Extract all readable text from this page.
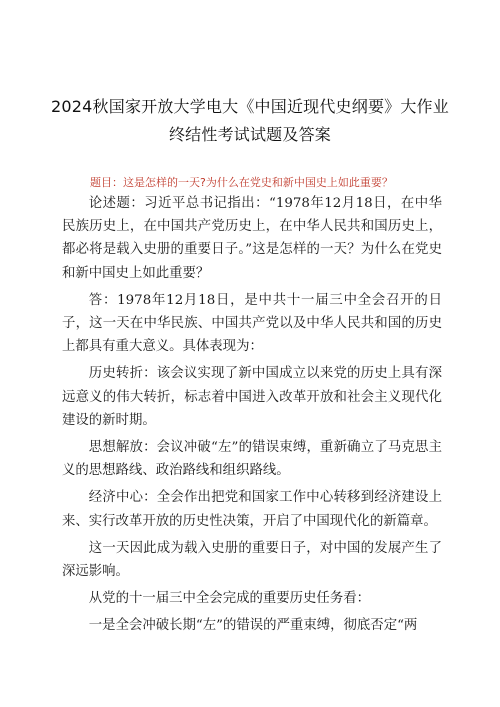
2024秋国家开放大学电大《中国近现代史纲要》大作业
终结性考试试题及答案
题目：这是怎样的一天?为什么在党史和新中国史上如此重要？

论述题：习近平总书记指出：“1978年12月18日，在中华民族历史上，在中国共产党历史上，在中华人民共和国历史上，都必将是载入史册的重要日子。”这是怎样的一天？为什么在党史和新中国史上如此重要？

答：1978年12月18日，是中共十一届三中全会召开的日子，这一天在中华民族、中国共产党以及中华人民共和国的历史上都具有重大意义。具体表现为：

历史转折：该会议实现了新中国成立以来党的历史上具有深远意义的伟大转折，标志着中国进入改革开放和社会主义现代化建设的新时期。

思想解放：会议冲破“左”的错误束缚，重新确立了马克思主义的思想路线、政治路线和组织路线。

经济中心：全会作出把党和国家工作中心转移到经济建设上来、实行改革开放的历史性决策，开启了中国现代化的新篇章。

这一天因此成为载入史册的重要日子，对中国的发展产生了深远影响。

从党的十一届三中全会完成的重要历史任务看：

一是全会冲破长期“左”的错误的严重束缚，彻底否定“两
